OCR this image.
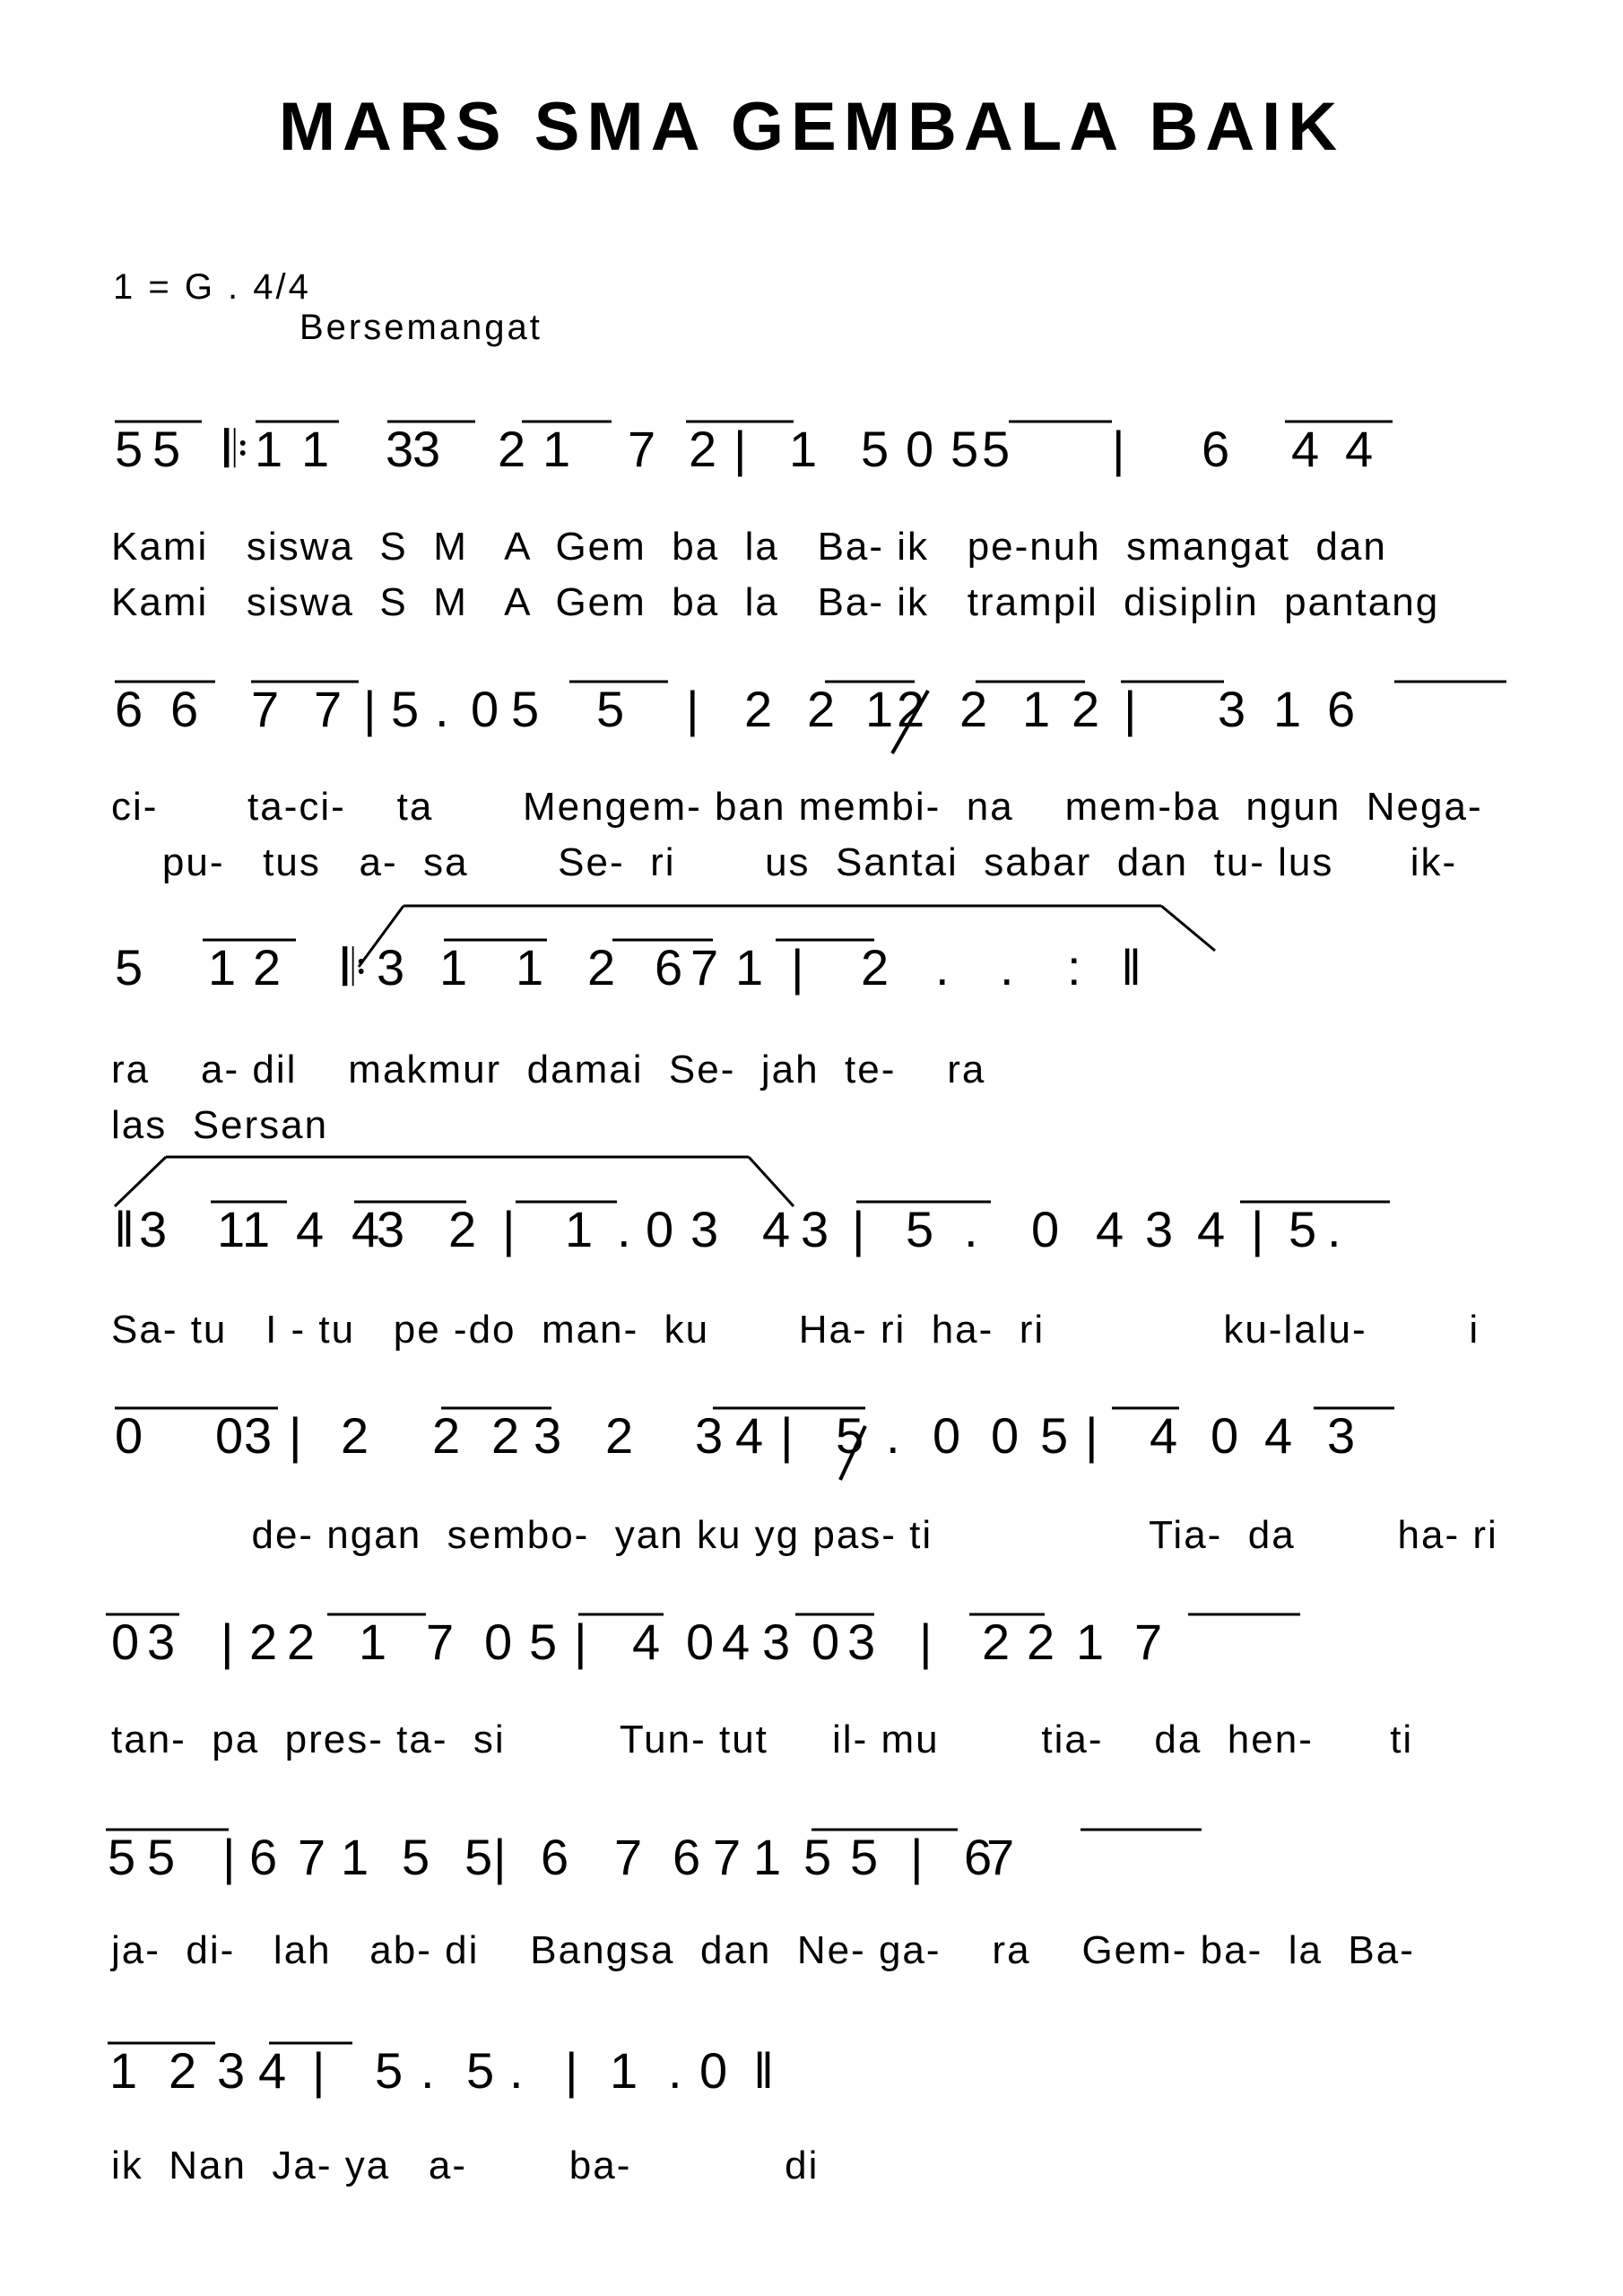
MARS SMA GEMBALA BAIK
1 = G . 4/4
Bersemangat
Kami   siswa  S  M   A  Gem  ba  la   Ba- ik   pe-nuh  smangat  dan
Kami   siswa  S  M   A  Gem  ba  la   Ba- ik   trampil  disiplin  pantang
ci-       ta-ci-    ta       Mengem- ban membi-  na    mem-ba  ngun  Nega-
pu-   tus   a-  sa       Se-  ri       us  Santai  sabar  dan  tu- lus      ik-
ra    a- dil    makmur  damai  Se-  jah  te-    ra
las  Sersan
Sa- tu   I - tu   pe -do  man-  ku       Ha- ri  ha-  ri              ku-lalu-        i
de- ngan  sembo-  yan ku yg pas- ti                 Tia-  da        ha- ri
tan-  pa  pres- ta-  si         Tun- tut     il- mu        tia-    da  hen-      ti
ja-  di-   lah   ab- di    Bangsa  dan  Ne- ga-    ra    Gem- ba-  la  Ba-
ik  Nan  Ja- ya   a-        ba-            di
5 5 𝄆 1 1 3
3 2 1 7 2 | 1 5 0 5 5 | 6 4 4
6 6 7 7 | 5 . 0 5 5 | 2 2 1 2 2 1 2 | 3 1 6
5 1 2 𝄆 3 1 1 2 6 7 1 | 2 . . : ‖
‖ 3 1
1 4 4
3 2 | 1 . 0 3 4 3 | 5 . 0 4 3 4 | 5 .
0 0 3 | 2 2 2 3 2 3 4 | 5 . 0 0 5 | 4 0 4 3
0 3 | 2 2 1 7 0 5 | 4 0 4 3 0 3 | 2 2 1 7
5 5 | 6 7 1 5 5 | 6 7 6 7 1 5 5 | 6
7
1 2 3 4 | 5 . 5 . | 1 . 0 ‖
